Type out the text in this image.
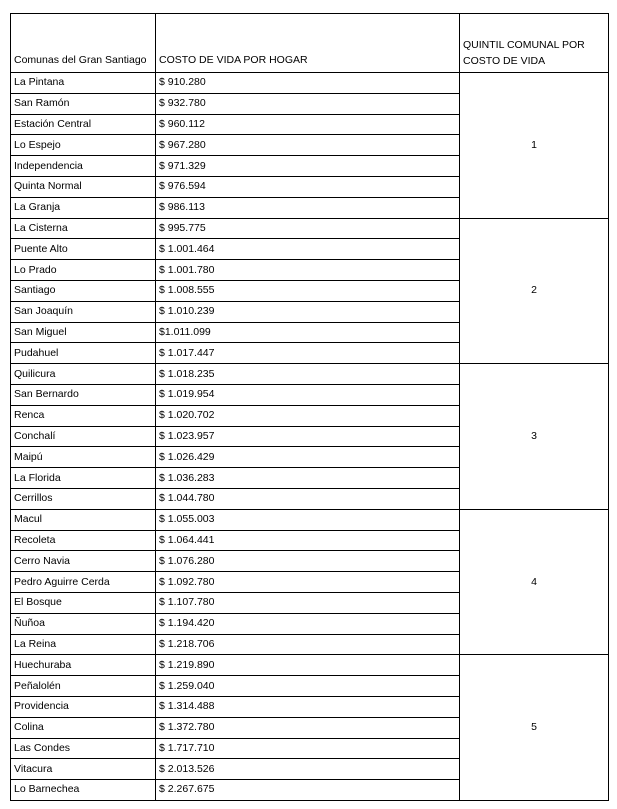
Comunas del Gran Santiago	COSTO DE VIDA POR HOGAR	QUINTIL COMUNAL POR COSTO DE VIDA
La Pintana	$ 910.280	1
San Ramón	$ 932.780	
Estación Central	$ 960.112	
Lo Espejo	$ 967.280	
Independencia	$ 971.329	
Quinta Normal	$ 976.594	
La Granja	$ 986.113	
La Cisterna	$ 995.775	2
Puente Alto	$ 1.001.464	
Lo Prado	$ 1.001.780	
Santiago	$ 1.008.555	
San Joaquín	$ 1.010.239	
San Miguel	$1.011.099	
Pudahuel	$ 1.017.447	
Quilicura	$ 1.018.235	3
San Bernardo	$ 1.019.954	
Renca	$ 1.020.702	
Conchalí	$ 1.023.957	
Maipú	$ 1.026.429	
La Florida	$ 1.036.283	
Cerrillos	$ 1.044.780	
Macul	$ 1.055.003	4
Recoleta	$ 1.064.441	
Cerro Navia	$ 1.076.280	
Pedro Aguirre Cerda	$ 1.092.780	
El Bosque	$ 1.107.780	
Ñuñoa	$ 1.194.420	
La Reina	$ 1.218.706	
Huechuraba	$ 1.219.890	5
Peñalolén	$ 1.259.040	
Providencia	$ 1.314.488	
Colina	$ 1.372.780	
Las Condes	$ 1.717.710	
Vitacura	$ 2.013.526	
Lo Barnechea	$ 2.267.675	
